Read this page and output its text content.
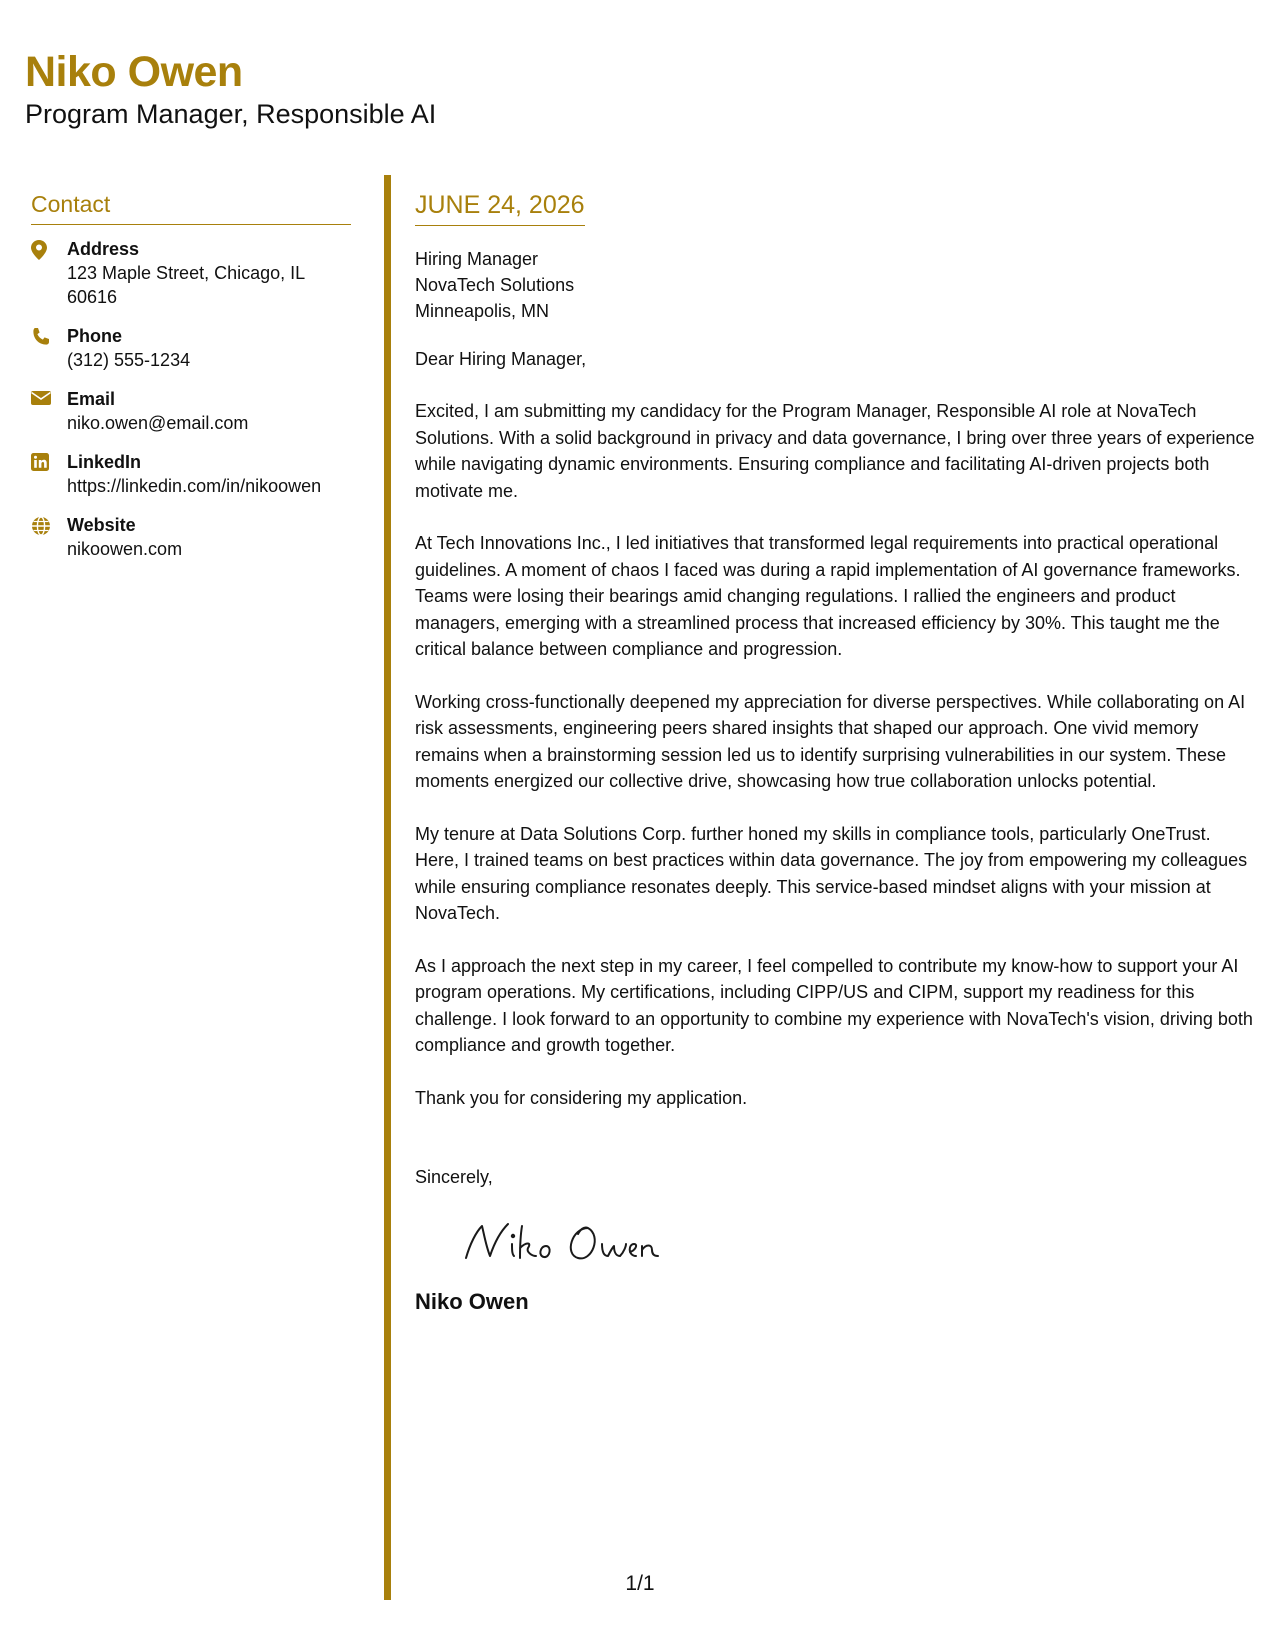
Niko Owen
Program Manager, Responsible AI
Contact
Address
123 Maple Street, Chicago, IL 60616
Phone
(312) 555-1234
Email
niko.owen@email.com
LinkedIn
https://linkedin.com/in/nikoowen
Website
nikoowen.com
JUNE 24, 2026
Hiring Manager
NovaTech Solutions
Minneapolis, MN
Dear Hiring Manager,
Excited, I am submitting my candidacy for the Program Manager, Responsible AI role at NovaTech Solutions. With a solid background in privacy and data governance, I bring over three years of experience while navigating dynamic environments. Ensuring compliance and facilitating AI-driven projects both motivate me.
At Tech Innovations Inc., I led initiatives that transformed legal requirements into practical operational guidelines. A moment of chaos I faced was during a rapid implementation of AI governance frameworks. Teams were losing their bearings amid changing regulations. I rallied the engineers and product managers, emerging with a streamlined process that increased efficiency by 30%. This taught me the critical balance between compliance and progression.
Working cross-functionally deepened my appreciation for diverse perspectives. While collaborating on AI risk assessments, engineering peers shared insights that shaped our approach. One vivid memory remains when a brainstorming session led us to identify surprising vulnerabilities in our system. These moments energized our collective drive, showcasing how true collaboration unlocks potential.
My tenure at Data Solutions Corp. further honed my skills in compliance tools, particularly OneTrust. Here, I trained teams on best practices within data governance. The joy from empowering my colleagues while ensuring compliance resonates deeply. This service-based mindset aligns with your mission at NovaTech.
As I approach the next step in my career, I feel compelled to contribute my know-how to support your AI program operations. My certifications, including CIPP/US and CIPM, support my readiness for this challenge. I look forward to an opportunity to combine my experience with NovaTech's vision, driving both compliance and growth together.
Thank you for considering my application.
Sincerely,
Niko Owen
1/1
